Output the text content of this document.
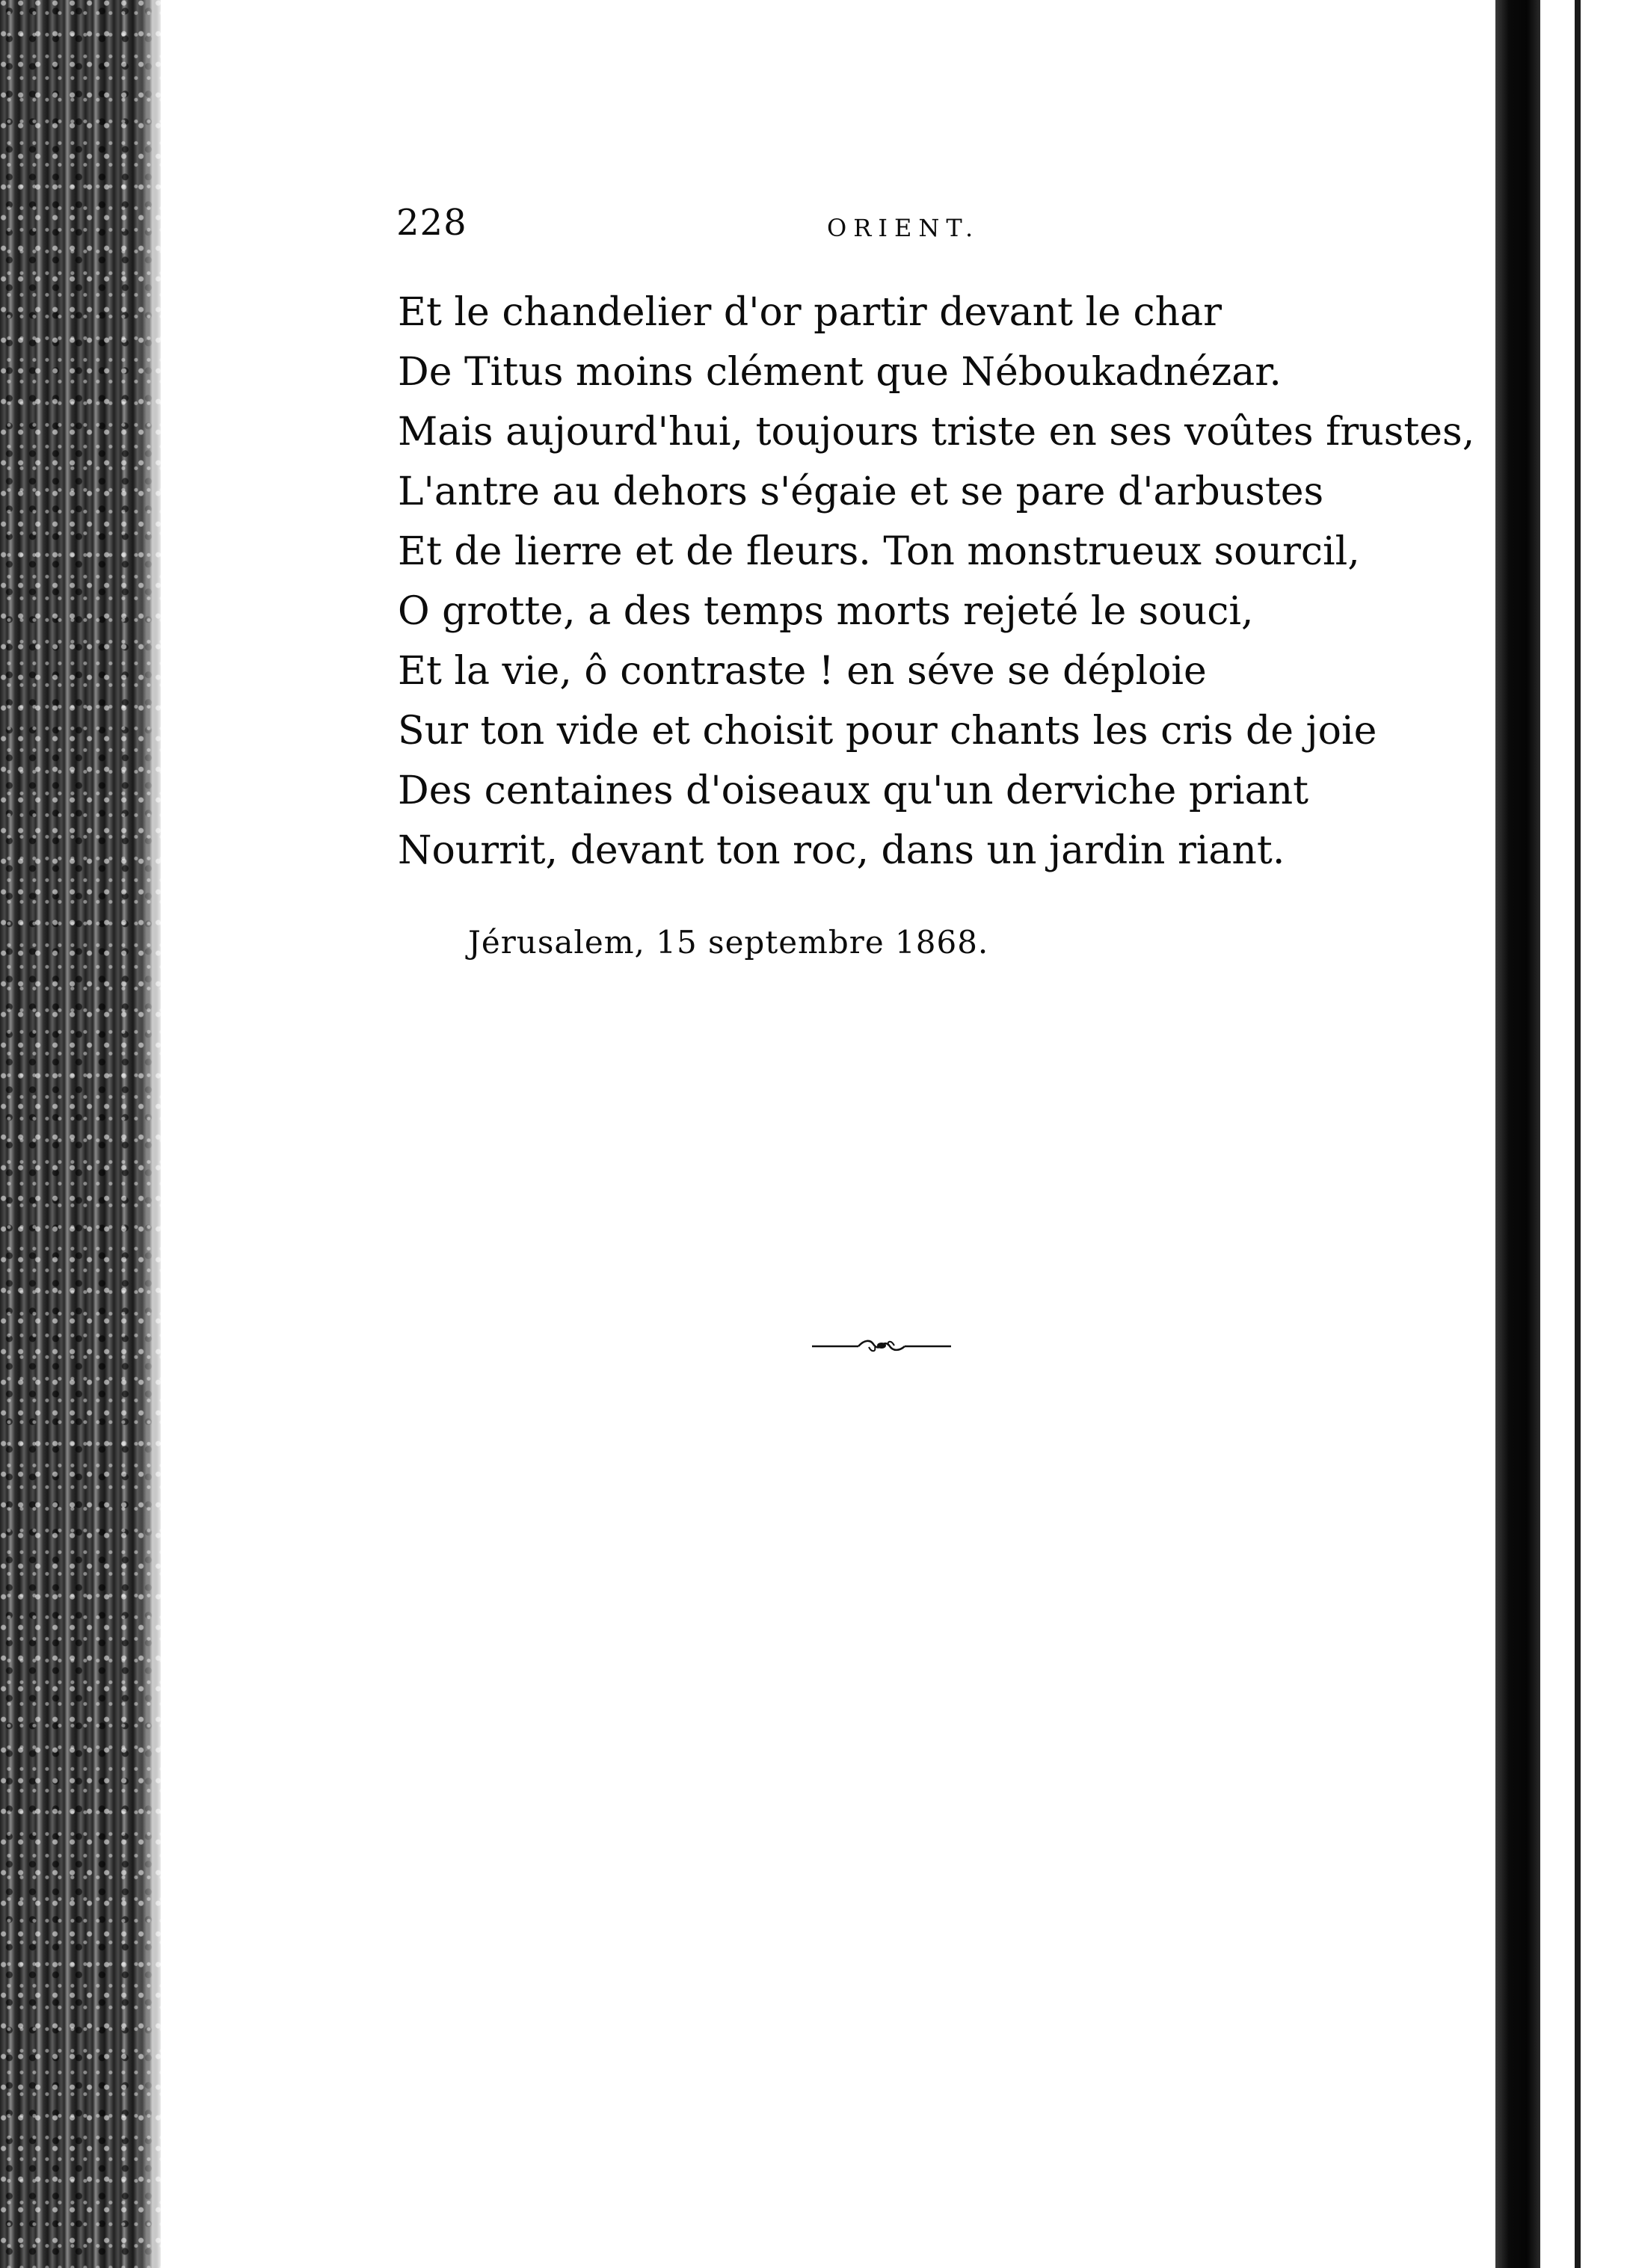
228	ORIENT.
Et le chandelier d'or partir devant le char
De Titus moins clément que Néboukadnézar.
Mais aujourd'hui, toujours triste en ses voûtes frustes,
L'antre au dehors s'égaie et se pare d'arbustes
Et de lierre et de fleurs. Ton monstrueux sourcil,
O grotte, a des temps morts rejeté le souci,
Et la vie, ô contraste ! en séve se déploie
Sur ton vide et choisit pour chants les cris de joie
Des centaines d'oiseaux qu'un derviche priant
Nourrit, devant ton roc, dans un jardin riant.
Jérusalem, 15 septembre 1868.
